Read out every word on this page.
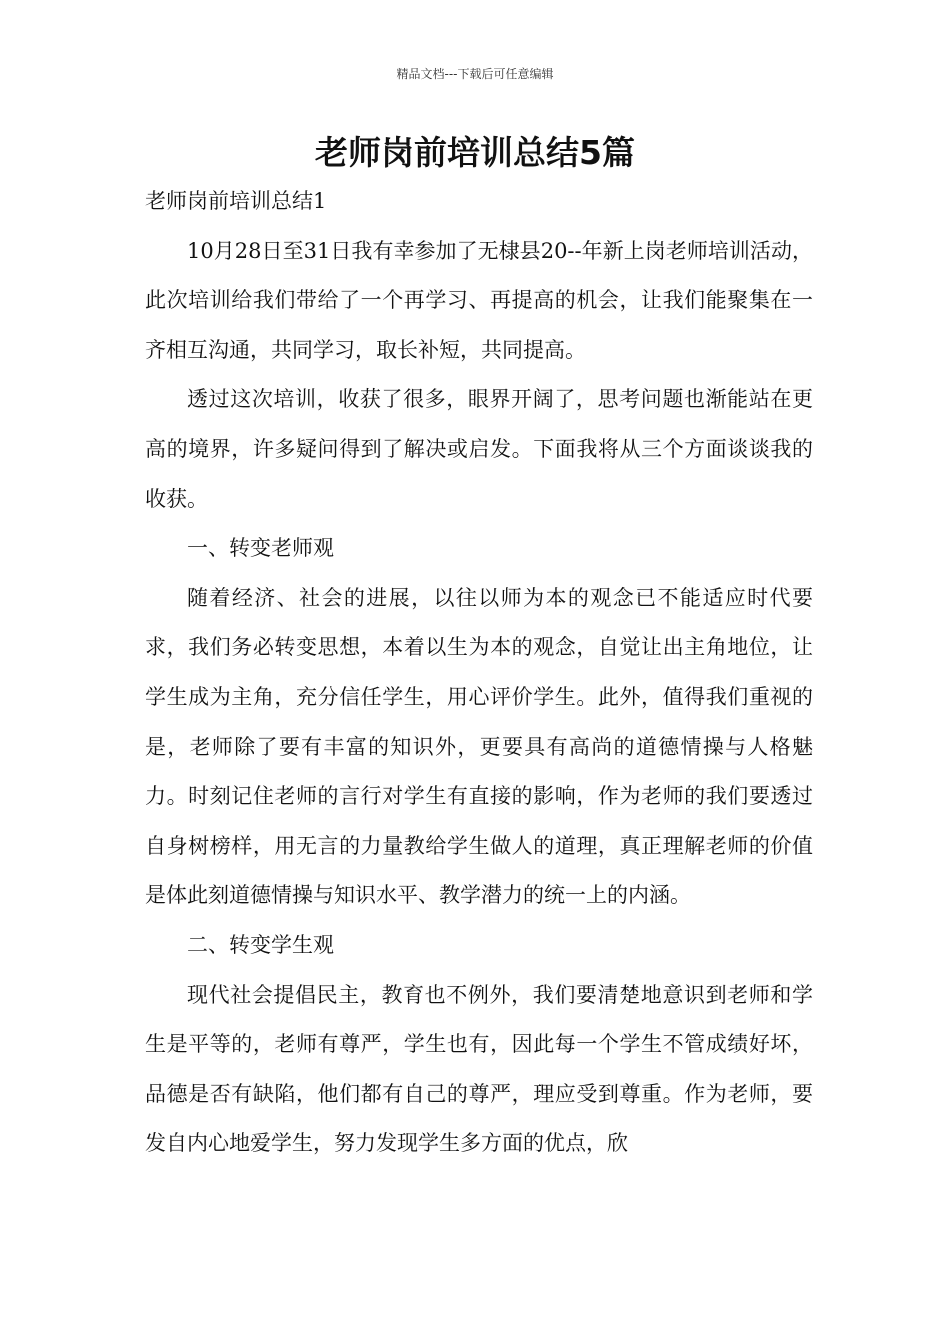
精品文档---下载后可任意编辑
老师岗前培训总结5篇

老师岗前培训总结1

10月28日至31日我有幸参加了无棣县20--年新上岗老师培训活动，此次培训给我们带给了一个再学习、再提高的机会，让我们能聚集在一齐相互沟通，共同学习，取长补短，共同提高。

透过这次培训，收获了很多，眼界开阔了，思考问题也渐能站在更高的境界，许多疑问得到了解决或启发。下面我将从三个方面谈谈我的收获。

一、转变老师观

随着经济、社会的进展，以往以师为本的观念已不能适应时代要求，我们务必转变思想，本着以生为本的观念，自觉让出主角地位，让学生成为主角，充分信任学生，用心评价学生。此外，值得我们重视的是，老师除了要有丰富的知识外，更要具有高尚的道德情操与人格魅力。时刻记住老师的言行对学生有直接的影响，作为老师的我们要透过自身树榜样，用无言的力量教给学生做人的道理，真正理解老师的价值是体此刻道德情操与知识水平、教学潜力的统一上的内涵。

二、转变学生观

现代社会提倡民主，教育也不例外，我们要清楚地意识到老师和学生是平等的，老师有尊严，学生也有，因此每一个学生不管成绩好坏，品德是否有缺陷，他们都有自己的尊严，理应受到尊重。作为老师，要发自内心地爱学生，努力发现学生多方面的优点，欣
